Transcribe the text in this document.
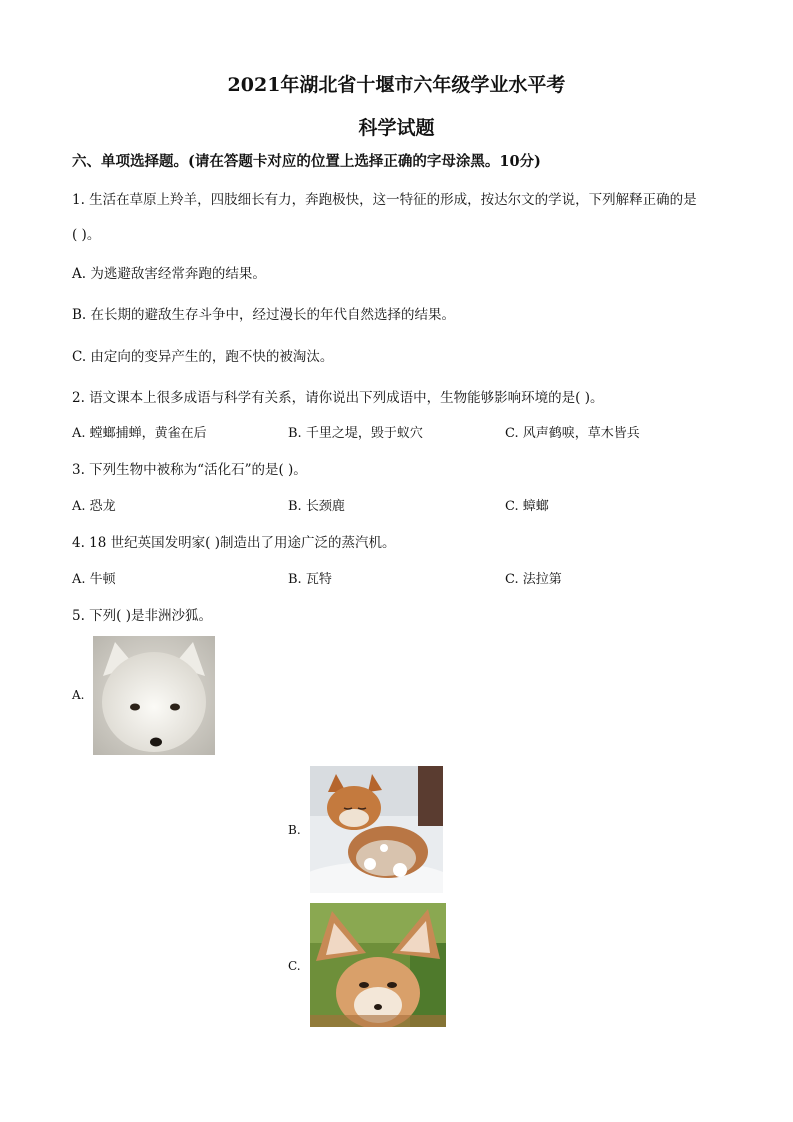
2021年湖北省十堰市六年级学业水平考
科学试题
六、单项选择题。(请在答题卡对应的位置上选择正确的字母涂黑。10分)
1. 生活在草原上羚羊，四肢细长有力，奔跑极快，这一特征的形成，按达尔文的学说，下列解释正确的是
( )。
A. 为逃避敌害经常奔跑的结果。
B. 在长期的避敌生存斗争中，经过漫长的年代自然选择的结果。
C. 由定向的变异产生的，跑不快的被淘汰。
2. 语文课本上很多成语与科学有关系，请你说出下列成语中，生物能够影响环境的是( )。
A. 螳螂捕蝉，黄雀在后	B. 千里之堤，毁于蚁穴	C. 风声鹤唳，草木皆兵
3. 下列生物中被称为“活化石”的是( )。
A. 恐龙	B. 长颈鹿	C. 蟑螂
4. 18 世纪英国发明家( )制造出了用途广泛的蒸汽机。
A. 牛顿	B. 瓦特	C. 法拉第
5. 下列( )是非洲沙狐。
A.
B.
C.
